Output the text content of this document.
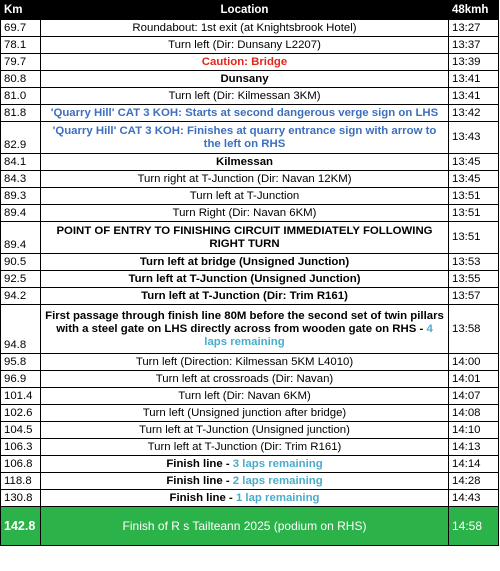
Km	Location	48kmh
69.7	Roundabout: 1st exit (at Knightsbrook Hotel)	13:27
78.1	Turn left (Dir: Dunsany L2207)	13:37
79.7	Caution: Bridge	13:39
80.8	Dunsany	13:41
81.0	Turn left (Dir: Kilmessan 3KM)	13:41
81.8	'Quarry Hill' CAT 3 KOH: Starts at second dangerous verge sign on LHS	13:42
82.9	'Quarry Hill' CAT 3 KOH: Finishes at quarry entrance sign with arrow to the left on RHS	13:43
84.1	Kilmessan	13:45
84.3	Turn right at T-Junction (Dir: Navan 12KM)	13:45
89.3	Turn left at T-Junction	13:51
89.4	Turn Right (Dir: Navan 6KM)	13:51
89.4	POINT OF ENTRY TO FINISHING CIRCUIT IMMEDIATELY FOLLOWING RIGHT TURN	13:51
90.5	Turn left at bridge (Unsigned Junction)	13:53
92.5	Turn left at T-Junction (Unsigned Junction)	13:55
94.2	Turn left at T-Junction (Dir: Trim R161)	13:57
94.8	First passage through finish line 80M before the second set of twin pillars with a steel gate on LHS directly across from wooden gate on RHS - 4 laps remaining	13:58
95.8	Turn left (Direction: Kilmessan 5KM L4010)	14:00
96.9	Turn left at crossroads (Dir: Navan)	14:01
101.4	Turn left (Dir: Navan 6KM)	14:07
102.6	Turn left (Unsigned junction after bridge)	14:08
104.5	Turn left at T-Junction (Unsigned junction)	14:10
106.3	Turn left at T-Junction (Dir: Trim R161)	14:13
106.8	Finish line - 3 laps remaining	14:14
118.8	Finish line - 2 laps remaining	14:28
130.8	Finish line - 1 lap remaining	14:43
142.8	Finish of R s Tailteann 2025 (podium on RHS)	14:58
